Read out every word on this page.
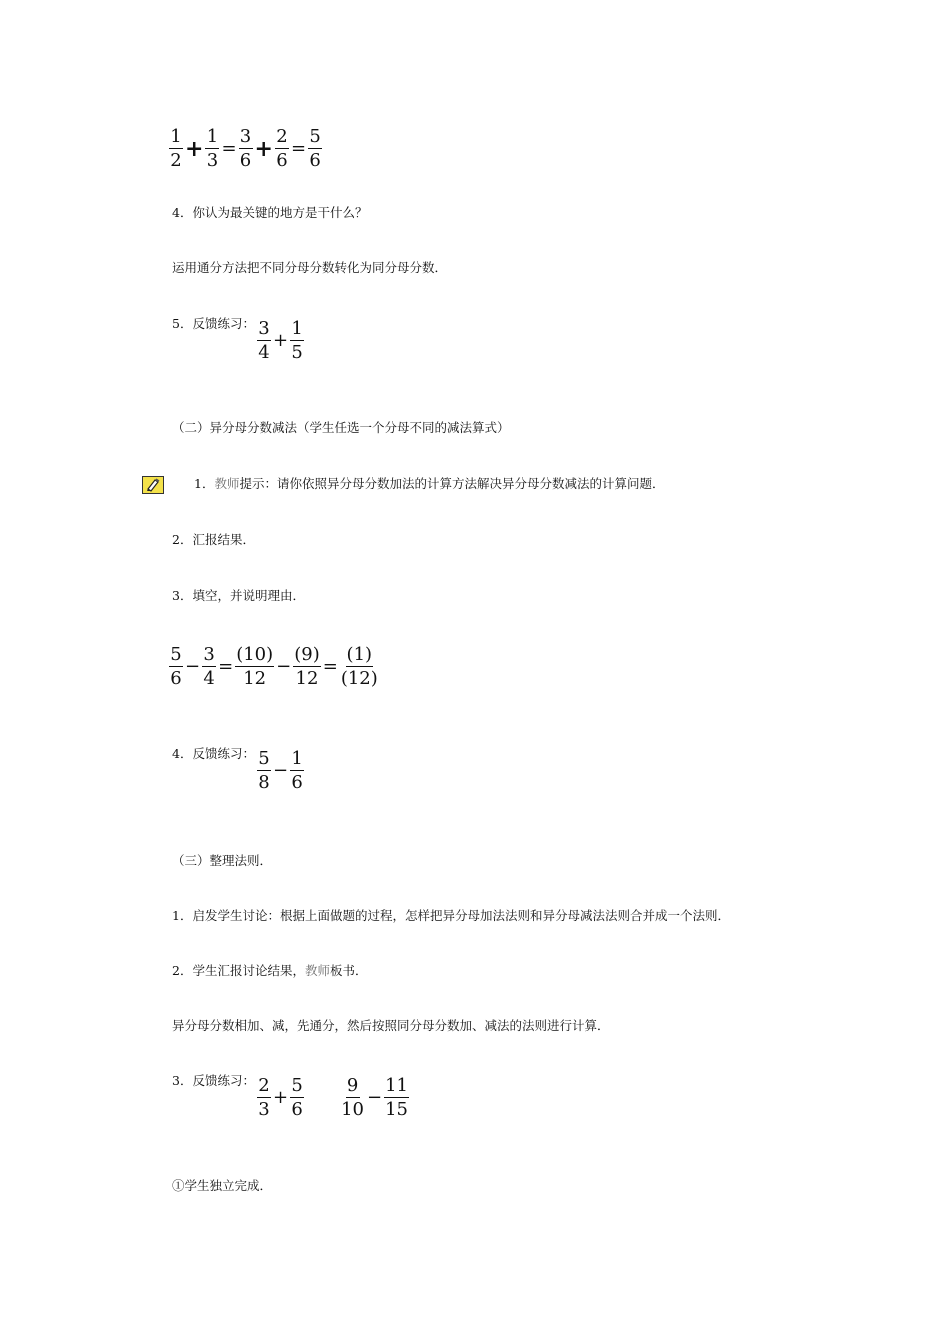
$\frac{1}{2} + \frac{1}{3} = \frac{3}{6} + \frac{2}{6} = \frac{5}{6}$
4．你认为最关键的地方是干什么？
运用通分方法把不同分母分数转化为同分母分数．
5．反馈练习： $\frac{3}{4} + \frac{1}{5}$
（二）异分母分数减法（学生任选一个分母不同的减法算式）
1．教师提示：请你依照异分母分数加法的计算方法解决异分母分数减法的计算问题．
2．汇报结果．
3．填空，并说明理由．
$\frac{5}{6} - \frac{3}{4} = \frac{(10)}{12} - \frac{(9)}{12} = \frac{(1)}{(12)}$
4．反馈练习： $\frac{5}{8} - \frac{1}{6}$
（三）整理法则．
1．启发学生讨论：根据上面做题的过程，怎样把异分母加法法则和异分母减法法则合并成一个法则．
2．学生汇报讨论结果，教师板书．
异分母分数相加、减，先通分，然后按照同分母分数加、减法的法则进行计算．
3．反馈练习： $\frac{2}{3} + \frac{5}{6} \frac{9}{10} - \frac{11}{15}$
①学生独立完成．
